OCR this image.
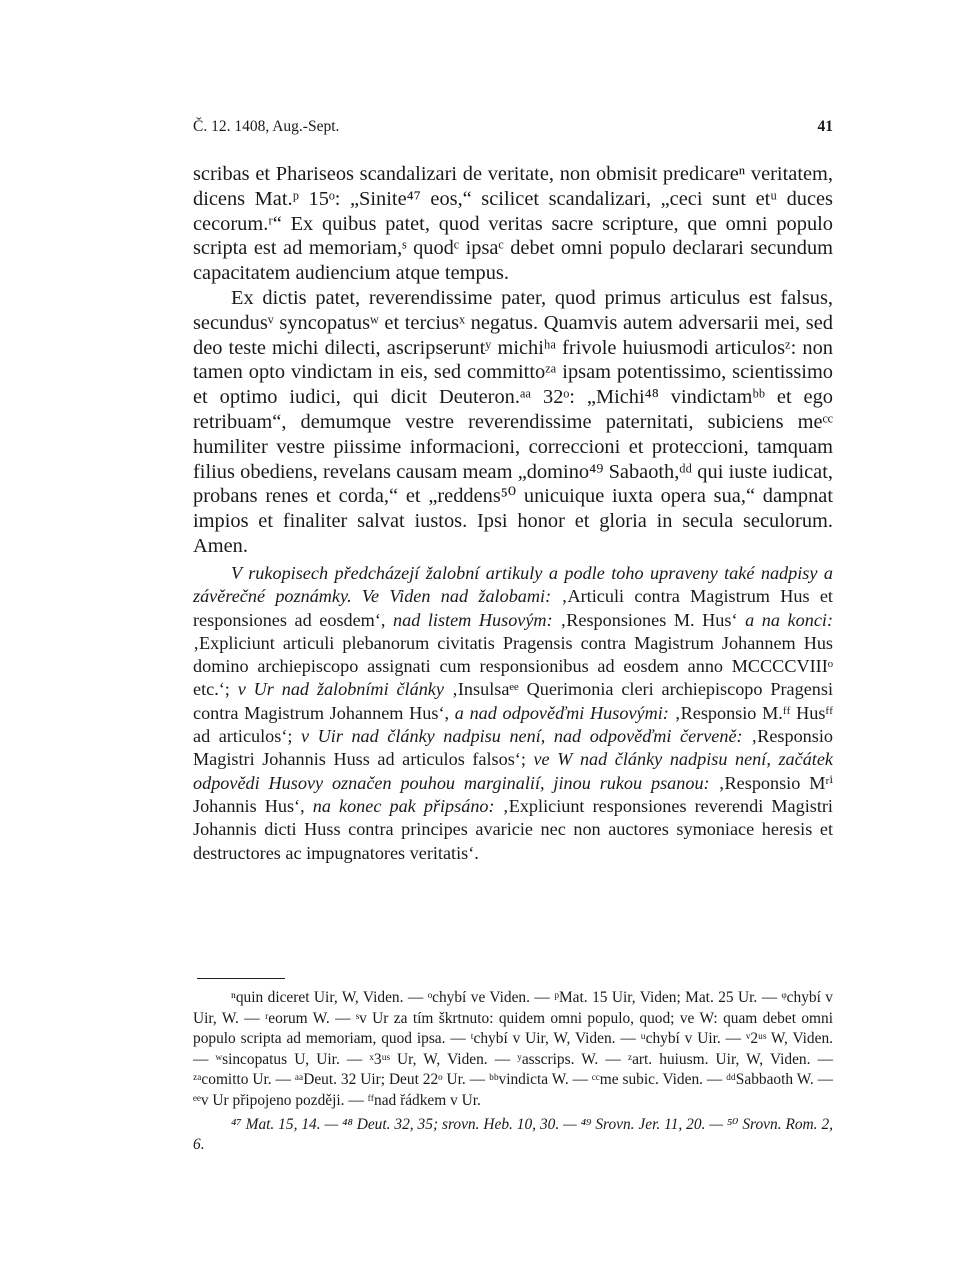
Č. 12. 1408, Aug.-Sept.	41

scribas et Phariseos scandalizari de veritate, non obmisit predicareⁿ veritatem, dicens Mat.ᵖ 15ᵒ: „Sinite⁴⁷ eos,“ scilicet scandalizari, „ceci sunt etᵘ duces cecorum.ʳ“ Ex quibus patet, quod veritas sacre scripture, que omni populo scripta est ad memoriam,ˢ quodᶜ ipsaᶜ debet omni populo declarari secundum capacitatem audiencium atque tempus.

Ex dictis patet, reverendissime pater, quod primus articulus est falsus, secundusᵛ syncopatusʷ et terciusˣ negatus. Quamvis autem adversarii mei, sed deo teste michi dilecti, ascripseruntʸ michiʰᵃ frivole huiusmodi articulosᶻ: non tamen opto vindictam in eis, sed committoᶻᵃ ipsam potentissimo, scientissimo et optimo iudici, qui dicit Deuteron.ᵃᵃ 32ᵒ: „Michi⁴⁸ vindictamᵇᵇ et ego retribuam“, demumque vestre reverendissime paternitati, subiciens meᶜᶜ humiliter vestre piissime informacioni, correccioni et proteccioni, tamquam filius obediens, revelans causam meam „domino⁴⁹ Sabaoth,ᵈᵈ qui iuste iudicat, probans renes et corda,“ et „reddens⁵⁰ unicuique iuxta opera sua,“ dampnat impios et finaliter salvat iustos. Ipsi honor et gloria in secula seculorum. Amen.

V rukopisech předcházejí žalobní artikuly a podle toho upraveny také nadpisy a závěrečné poznámky. Ve Viden nad žalobami: ‚Articuli contra Magistrum Hus et responsiones ad eosdem‘, nad listem Husovým: ‚Responsiones M. Hus‘ a na konci: ‚Expliciunt articuli plebanorum civitatis Pragensis contra Magistrum Johannem Hus domino archiepiscopo assignati cum responsionibus ad eosdem anno MCCCCVIIIᵒ etc.‘; v Ur nad žalobními články ‚Insulsaᵉᵉ Querimonia cleri archiepiscopo Pragensi contra Magistrum Johannem Hus‘, a nad odpověďmi Husovými: ‚Responsio M.ᶠᶠ Husᶠᶠ ad articulos‘; v Uir nad články nadpisu není, nad odpověďmi červeně: ‚Responsio Magistri Johannis Huss ad articulos falsos‘; ve W nad články nadpisu není, začátek odpovědi Husovy označen pouhou marginalií, jinou rukou psanou: ‚Responsio Mʳⁱ Johannis Hus‘, na konec pak připsáno: ‚Expliciunt responsiones reverendi Magistri Johannis dicti Huss contra principes avaricie nec non auctores symoniace heresis et destructores ac impugnatores veritatis‘.

ⁿquin diceret Uir, W, Viden. — ᵒchybí ve Viden. — ᵖMat. 15 Uir, Viden; Mat. 25 Ur. — ᵠchybí v Uir, W. — ʳeorum W. — ˢv Ur za tím škrtnuto: quidem omni populo, quod; ve W: quam debet omni populo scripta ad memoriam, quod ipsa. — ᵗchybí v Uir, W, Viden. — ᵘchybí v Uir. — ᵛ2ᵘˢ W, Viden. — ʷsincopatus U, Uir. — ˣ3ᵘˢ Ur, W, Viden. — ʸasscrips. W. — ᶻart. huiusm. Uir, W, Viden. — ᶻᵃcomitto Ur. — ᵃᵃDeut. 32 Uir; Deut 22ᵒ Ur. — ᵇᵇvindicta W. — ᶜᶜme subic. Viden. — ᵈᵈSabbaoth W. — ᵉᵉv Ur připojeno později. — ᶠᶠnad řádkem v Ur.

⁴⁷ Mat. 15, 14. — ⁴⁸ Deut. 32, 35; srovn. Heb. 10, 30. — ⁴⁹ Srovn. Jer. 11, 20. — ⁵⁰ Srovn. Rom. 2, 6.
